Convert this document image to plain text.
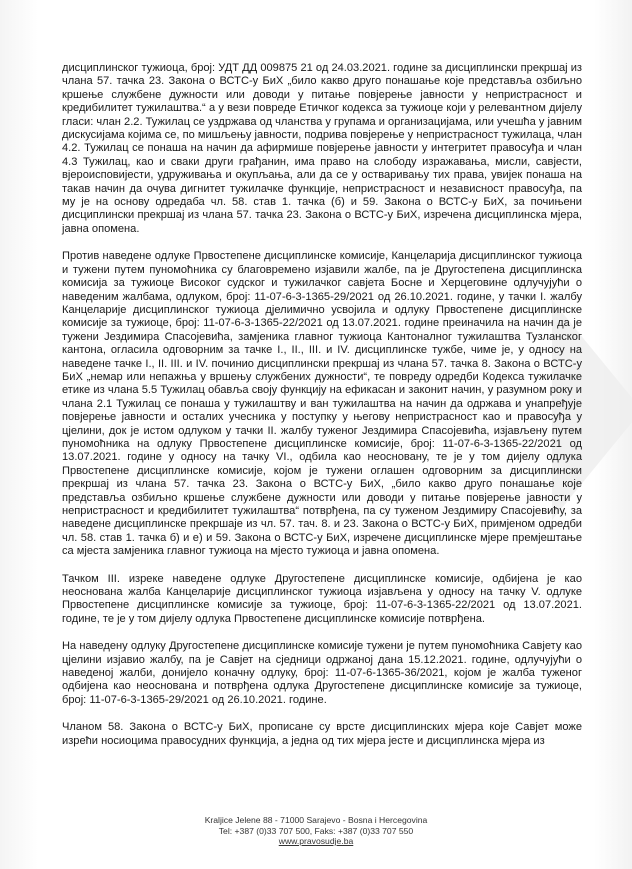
дисциплинског тужиоца, број: УДТ ДД 009875 21 од 24.03.2021. године за дисциплински прекршај из члана 57. тачка 23. Закона о ВСТС-у БиХ „било какво друго понашање које представља озбиљно кршење службене дужности или доводи у питање повјерење јавности у непристрасност и кредибилитет тужилаштва.“ а у вези повреде Етичког кодекса за тужиоце који у релевантном дијелу гласи: члан 2.2. Тужилац се уздржава од чланства у групама и организацијама, или учешћа у јавним дискусијама којима се, по мишљењу јавности, подрива повјерење у непристрасност тужилаца, члан 4.2. Тужилац се понаша на начин да афирмише повјерење јавности у интегритет правосуђа и члан 4.3 Тужилац, као и сваки други грађанин, има право на слободу изражавања, мисли, савјести, вјероисповијести, удруживања и окупљања, али да се у остваривању тих права, увијек понаша на такав начин да очува дигнитет тужилачке функције, непристрасност и независност правосуђа, па му је на основу одредаба чл. 58. став 1. тачка (б) и 59. Закона о ВСТС-у БиХ, за почињени дисциплински прекршај из члана 57. тачка 23. Закона о ВСТС-у БиХ, изречена дисциплинска мјера, јавна опомена.

Против наведене одлуке Првостепене дисциплинске комисије, Канцеларија дисциплинског тужиоца и тужени путем пуномоћника су благовремено изјавили жалбе, па је Другостепена дисциплинска комисија за тужиоце Високог судског и тужилачког савјета Босне и Херцеговине одлучујући о наведеним жалбама, одлуком, број: 11-07-6-3-1365-29/2021 од 26.10.2021. године, у тачки I. жалбу Канцеларије дисциплинског тужиоца дјелимично усвојила и одлуку Првостепене дисциплинске комисије за тужиоце, број: 11-07-6-3-1365-22/2021 од 13.07.2021. године преиначила на начин да је тужени Јездимира Спасојевића, замјеника главног тужиоца Кантоналног тужилаштва Тузланског кантона, огласила одговорним за тачке I., II., III. и IV. дисциплинске тужбе, чиме је, у односу на наведене тачке I., II. III. и IV. починио дисциплински прекршај из члана 57. тачка 8. Закона о ВСТС-у БиХ „немар или непажња у вршењу службених дужности“, те повреду одредби Кодекса тужилачке етике из члана 5.5 Тужилац обавља своју функцију на ефикасан и законит начин, у разумном року и члана 2.1 Тужилац се понаша у тужилаштву и ван тужилаштва на начин да одржава и унапређује повјерење јавности и осталих учесника у поступку у његову непристрасност као и правосуђа у цјелини, док је истом одлуком у тачки II. жалбу туженог Јездимира Спасојевића, изјављену путем пуномоћника на одлуку Првостепене дисциплинске комисије, број: 11-07-6-3-1365-22/2021 од 13.07.2021. године у односу на тачку VI., одбила као неосновану, те је у том дијелу одлука Првостепене дисциплинске комисије, којом је тужени оглашен одговорним за дисциплински прекршај из члана 57. тачка 23. Закона о ВСТС-у БиХ, „било какво друго понашање које представља озбиљно кршење службене дужности или доводи у питање повјерење јавности у непристрасност и кредибилитет тужилаштва“ потврђена, па су туженом Јездимиру Спасојевићу, за наведене дисциплинске прекршаје из чл. 57. тач. 8. и 23. Закона о ВСТС-у БиХ, примјеном одредби чл. 58. став 1. тачка б) и е) и 59. Закона о ВСТС-у БиХ, изречене дисциплинске мјере премјештање са мјеста замјеника главног тужиоца на мјесто тужиоца и јавна опомена.

Тачком III. изреке наведене одлуке Другостепене дисциплинске комисије, одбијена је као неоснована жалба Канцеларије дисциплинског тужиоца изјављена у односу на тачку V. одлуке Првостепене дисциплинске комисије за тужиоце, број: 11-07-6-3-1365-22/2021 од 13.07.2021. године, те је у том дијелу одлука Првостепене дисциплинске комисије потврђена.

На наведену одлуку Другостепене дисциплинске комисије тужени је путем пуномоћника Савјету као цјелини изјавио жалбу, па је Савјет на сједници одржаној дана 15.12.2021. године, одлучујући о наведеној жалби, донијело коначну одлуку, број: 11-07-6-1365-36/2021, којом је жалба туженог одбијена као неоснована и потврђена одлука Другостепене дисциплинске комисије за тужиоце, број: 11-07-6-3-1365-29/2021 од 26.10.2021. године.

Чланом 58. Закона о ВСТС-у БиХ, прописане су врсте дисциплинских мјера које Савјет може изрећи носиоцима правосудних функција, а једна од тих мјера јесте и дисциплинска мјера из

Kraljice Jelene 88 - 71000 Sarajevo - Bosna i Hercegovina
Tel: +387 (0)33 707 500, Faks: +387 (0)33 707 550
www.pravosudje.ba
